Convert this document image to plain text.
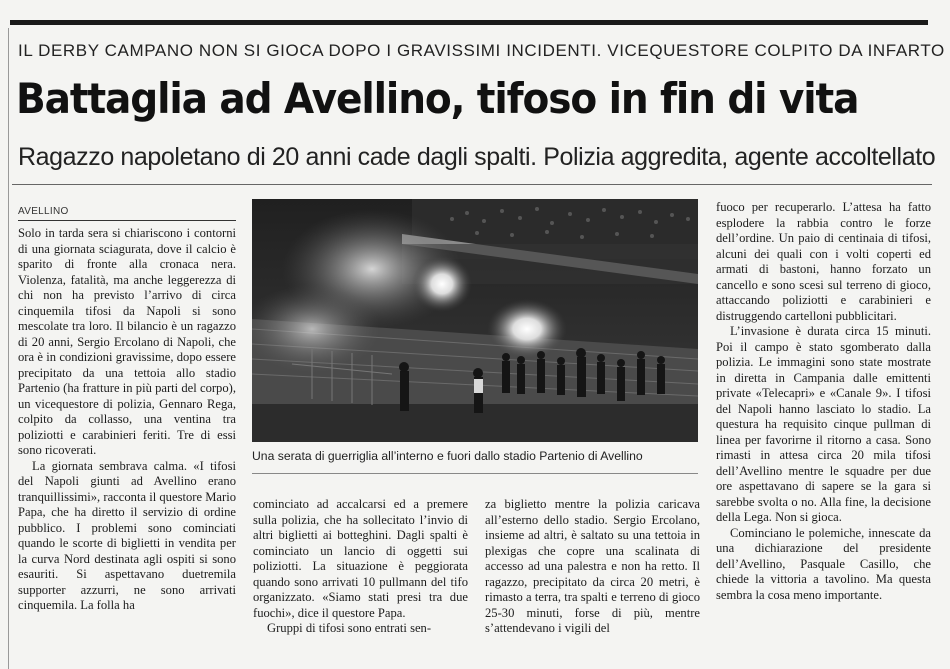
IL DERBY CAMPANO NON SI GIOCA DOPO I GRAVISSIMI INCIDENTI. VICEQUESTORE COLPITO DA INFARTO
Battaglia ad Avellino, tifoso in fin di vita
Ragazzo napoletano di 20 anni cade dagli spalti. Polizia aggredita, agente accoltellato
AVELLINO

Solo in tarda sera si chiariscono i contorni di una giornata sciagurata, dove il calcio è sparito di fronte alla cronaca nera. Violenza, fatalità, ma anche leggerezza di chi non ha previsto l’arrivo di circa cinquemila tifosi da Napoli si sono mescolate tra loro. Il bilancio è un ragazzo di 20 anni, Sergio Ercolano di Napoli, che ora è in condizioni gravissime, dopo essere precipitato da una tettoia allo stadio Partenio (ha fratture in più parti del corpo), un vicequestore di polizia, Gennaro Rega, colpito da collasso, una ventina tra poliziotti e carabinieri feriti. Tre di essi sono ricoverati.

La giornata sembrava calma. «I tifosi del Napoli giunti ad Avellino erano tranquillissimi», racconta il questore Mario Papa, che ha diretto il servizio di ordine pubblico. I problemi sono cominciati quando le scorte di biglietti in vendita per la curva Nord destinata agli ospiti si sono esauriti. Si aspettavano duetremila supporter azzurri, ne sono arrivati cinquemila. La folla ha

Una serata di guerriglia all’interno e fuori dallo stadio Partenio di Avellino

cominciato ad accalcarsi ed a premere sulla polizia, che ha sollecitato l’invio di altri biglietti ai botteghini. Dagli spalti è cominciato un lancio di oggetti sui poliziotti. La situazione è peggiorata quando sono arrivati 10 pullmann del tifo organizzato. «Siamo stati presi tra due fuochi», dice il questore Papa.

Gruppi di tifosi sono entrati sen-

za biglietto mentre la polizia caricava all’esterno dello stadio. Sergio Ercolano, insieme ad altri, è saltato su una tettoia in plexigas che copre una scalinata di accesso ad una palestra e non ha retto. Il ragazzo, precipitato da circa 20 metri, è rimasto a terra, tra spalti e terreno di gioco 25-30 minuti, forse di più, mentre s’attendevano i vigili del

fuoco per recuperarlo. L’attesa ha fatto esplodere la rabbia contro le forze dell’ordine. Un paio di centinaia di tifosi, alcuni dei quali con i volti coperti ed armati di bastoni, hanno forzato un cancello e sono scesi sul terreno di gioco, attaccando poliziotti e carabinieri e distruggendo cartelloni pubblicitari.

L’invasione è durata circa 15 minuti. Poi il campo è stato sgomberato dalla polizia. Le immagini sono state mostrate in diretta in Campania dalle emittenti private «Telecapri» e «Canale 9». I tifosi del Napoli hanno lasciato lo stadio. La questura ha requisito cinque pullman di linea per favorirne il ritorno a casa. Sono rimasti in attesa circa 20 mila tifosi dell’Avellino mentre le squadre per due ore aspettavano di sapere se la gara si sarebbe svolta o no. Alla fine, la decisione della Lega. Non si gioca.

Cominciano le polemiche, innescate da una dichiarazione del presidente dell’Avellino, Pasquale Casillo, che chiede la vittoria a tavolino. Ma questa sembra la cosa meno importante.
